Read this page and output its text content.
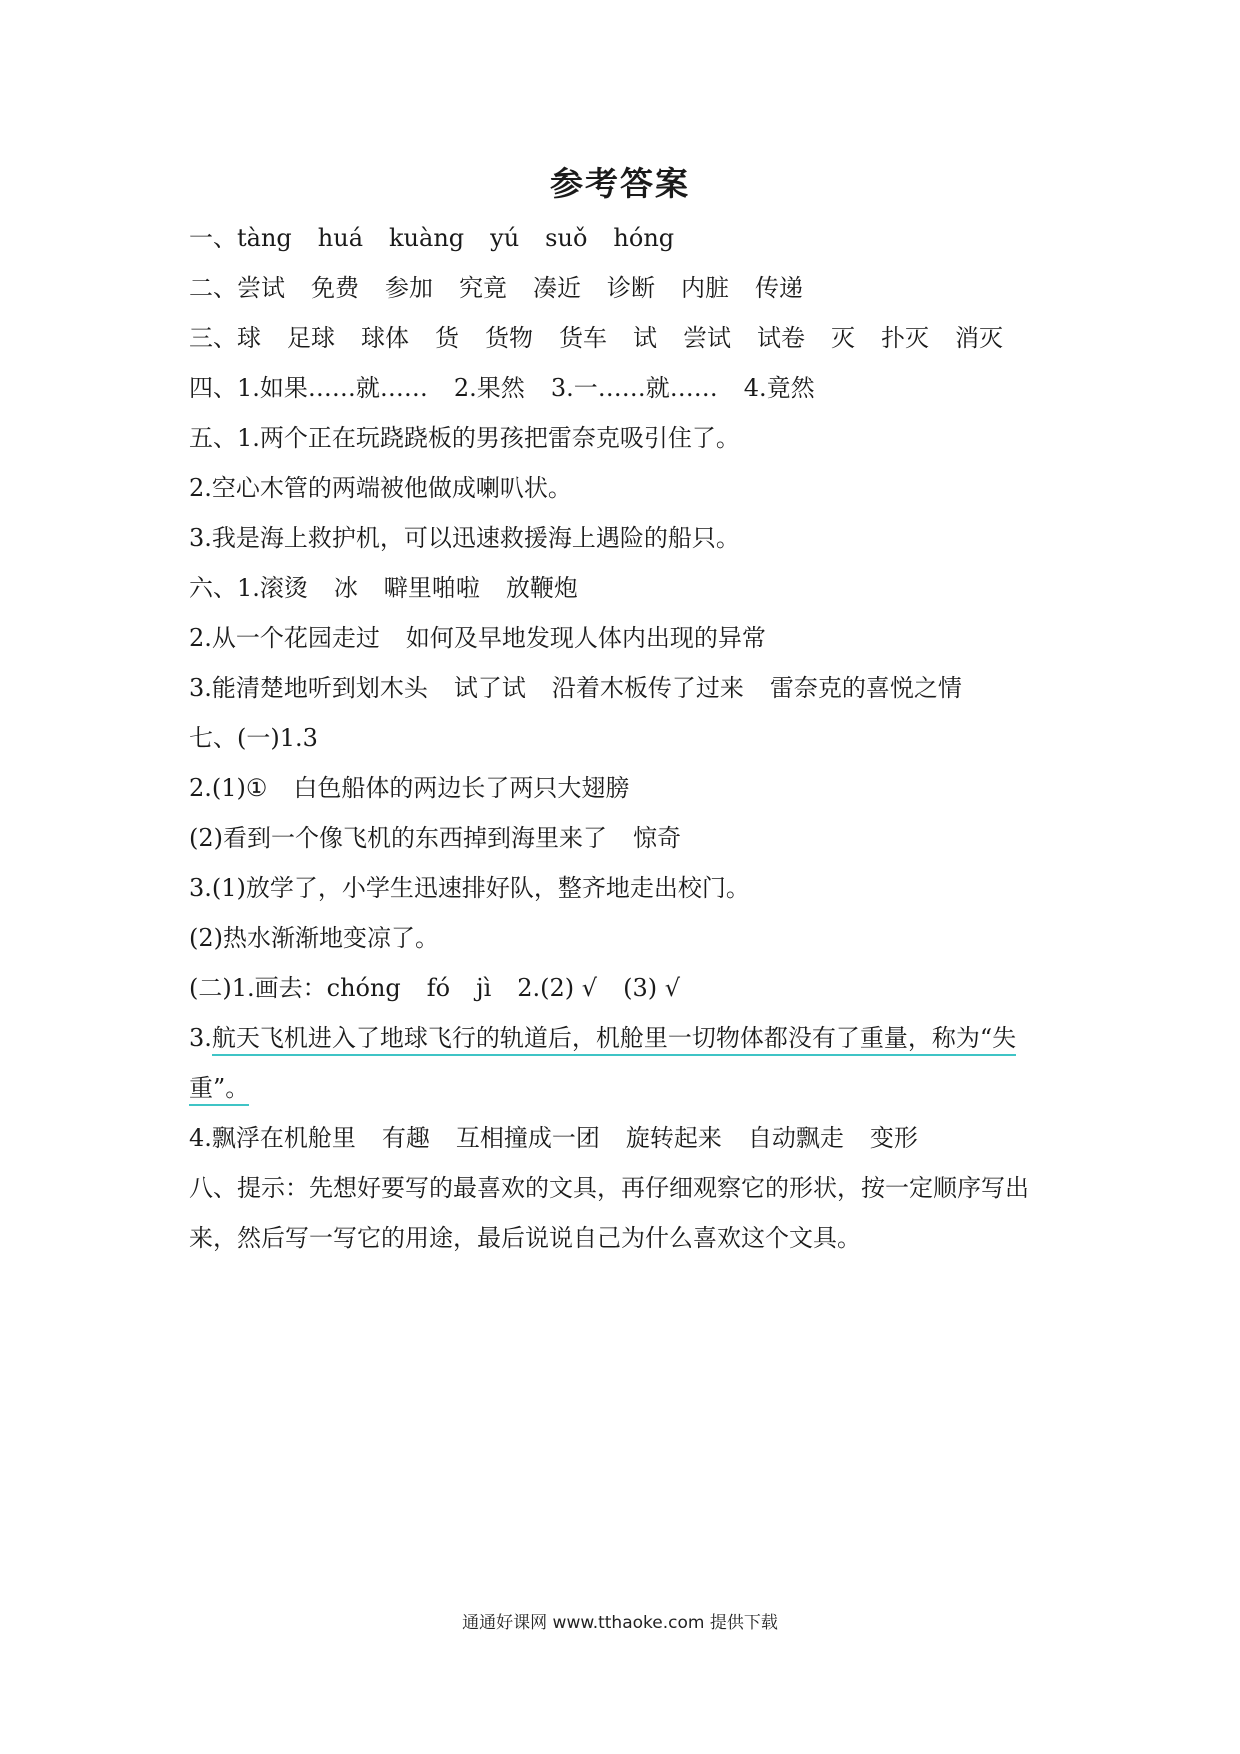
参考答案
一、tàng huá kuàng yú suǒ hóng
二、尝试 免费 参加 究竟 凑近 诊断 内脏 传递
三、球 足球 球体 货 货物 货车 试 尝试 试卷 灭 扑灭 消灭
四、1.如果……就…… 2.果然 3.一……就…… 4.竟然
五、1.两个正在玩跷跷板的男孩把雷奈克吸引住了。
2.空心木管的两端被他做成喇叭状。
3.我是海上救护机，可以迅速救援海上遇险的船只。
六、1.滚烫 冰 噼里啪啦 放鞭炮
2.从一个花园走过 如何及早地发现人体内出现的异常
3.能清楚地听到划木头 试了试 沿着木板传了过来 雷奈克的喜悦之情
七、(一)1.3
2.(1)① 白色船体的两边长了两只大翅膀
(2)看到一个像飞机的东西掉到海里来了 惊奇
3.(1)放学了，小学生迅速排好队，整齐地走出校门。
(2)热水渐渐地变凉了。
(二)1.画去：chóng fó jì 2.(2) √ (3) √
3.航天飞机进入了地球飞行的轨道后，机舱里一切物体都没有了重量，称为“失重”。
4.飘浮在机舱里 有趣 互相撞成一团 旋转起来 自动飘走 变形
八、提示：先想好要写的最喜欢的文具，再仔细观察它的形状，按一定顺序写出来，然后写一写它的用途，最后说说自己为什么喜欢这个文具。
通通好课网 www.tthaoke.com 提供下载
